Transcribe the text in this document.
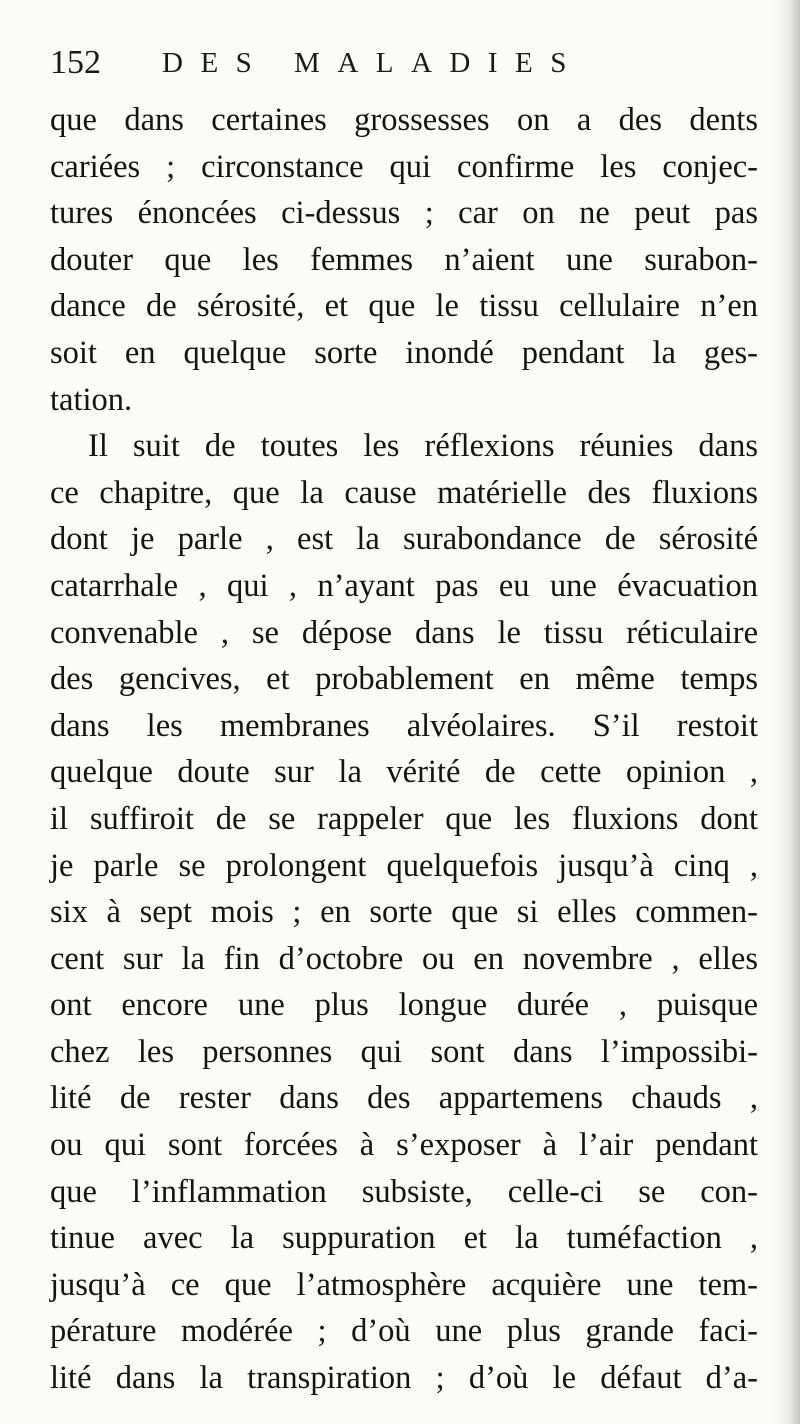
152 DES MALADIES
que dans certaines grossesses on a des dents
cariées ; circonstance qui confirme les conjec-
tures énoncées ci-dessus ; car on ne peut pas
douter que les femmes n’aient une surabon-
dance de sérosité, et que le tissu cellulaire n’en
soit en quelque sorte inondé pendant la ges-
tation.
Il suit de toutes les réflexions réunies dans
ce chapitre, que la cause matérielle des fluxions
dont je parle , est la surabondance de sérosité
catarrhale , qui , n’ayant pas eu une évacuation
convenable , se dépose dans le tissu réticulaire
des gencives, et probablement en même temps
dans les membranes alvéolaires. S’il restoit
quelque doute sur la vérité de cette opinion ,
il suffiroit de se rappeler que les fluxions dont
je parle se prolongent quelquefois jusqu’à cinq ,
six à sept mois ; en sorte que si elles commen-
cent sur la fin d’octobre ou en novembre , elles
ont encore une plus longue durée , puisque
chez les personnes qui sont dans l’impossibi-
lité de rester dans des appartemens chauds ,
ou qui sont forcées à s’exposer à l’air pendant
que l’inflammation subsiste, celle-ci se con-
tinue avec la suppuration et la tuméfaction ,
jusqu’à ce que l’atmosphère acquière une tem-
pérature modérée ; d’où une plus grande faci-
lité dans la transpiration ; d’où le défaut d’a-
